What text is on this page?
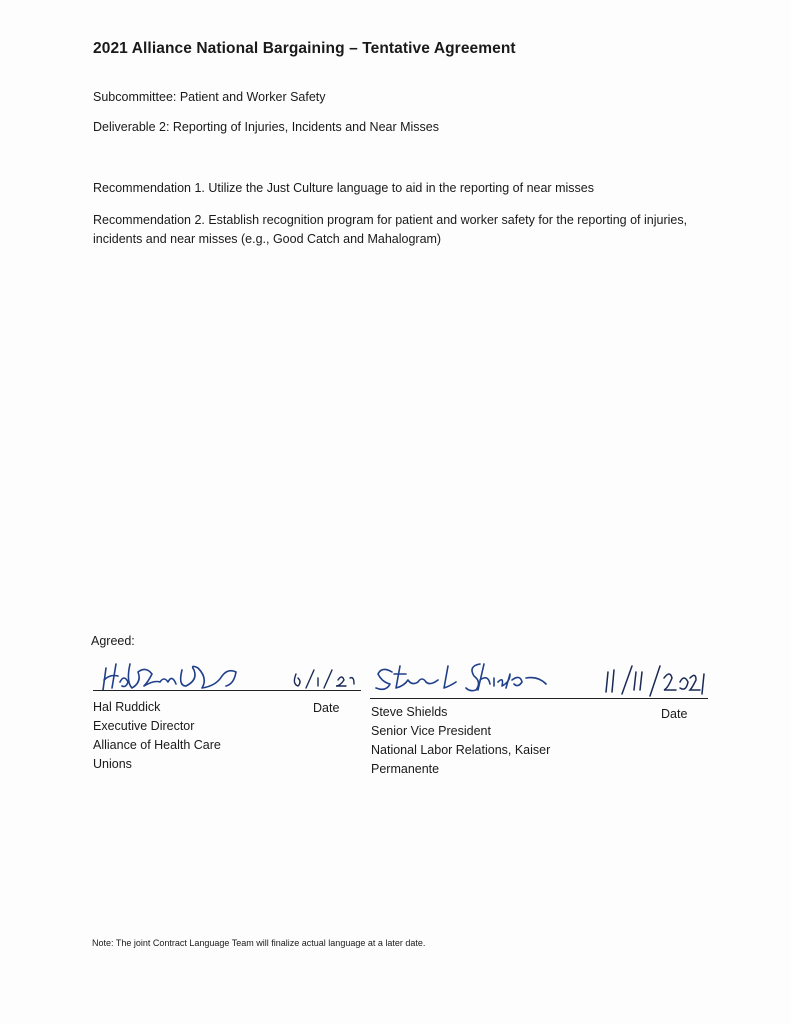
2021 Alliance National Bargaining – Tentative Agreement
Subcommittee: Patient and Worker Safety
Deliverable 2: Reporting of Injuries, Incidents and Near Misses
Recommendation 1. Utilize the Just Culture language to aid in the reporting of near misses
Recommendation 2. Establish recognition program for patient and worker safety for the reporting of injuries, incidents and near misses (e.g., Good Catch and Mahalogram)
Agreed:
Date
Hal Ruddick
Executive Director
Alliance of Health Care
Unions
Date
Steve Shields
Senior Vice President
National Labor Relations, Kaiser
Permanente
Note: The joint Contract Language Team will finalize actual language at a later date.
